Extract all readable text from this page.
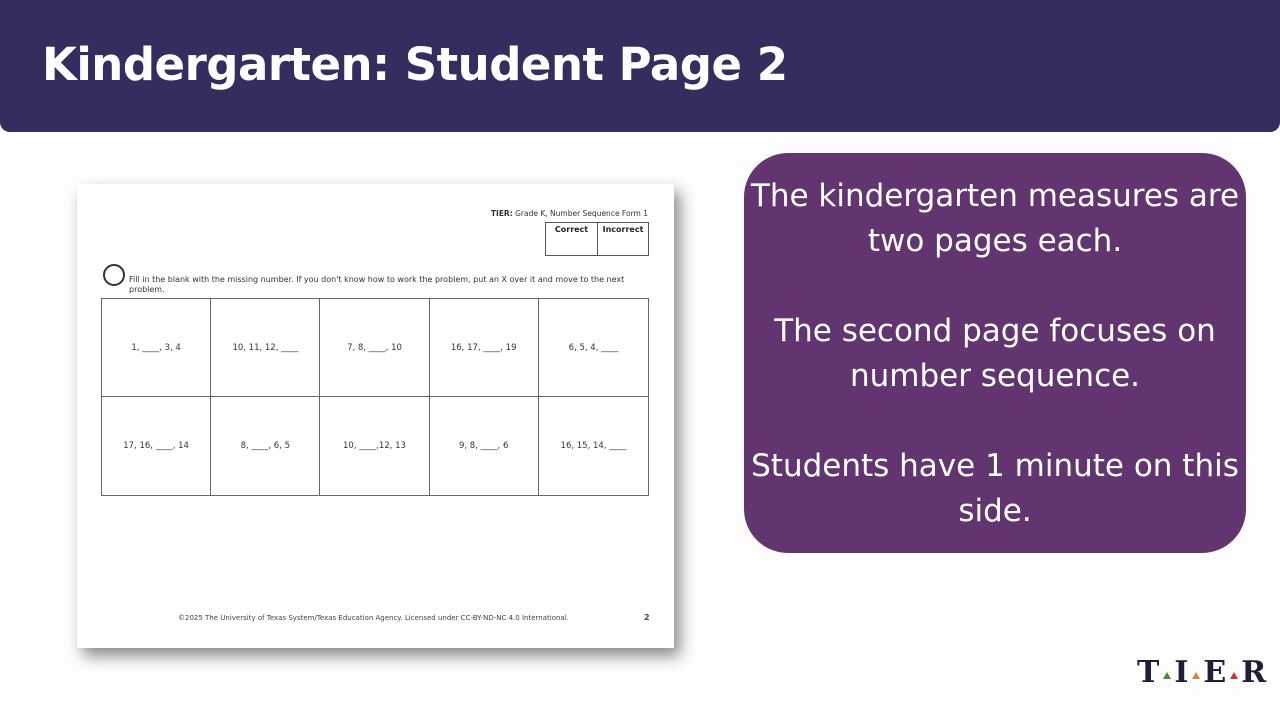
Kindergarten: Student Page 2
TIER: Grade K, Number Sequence Form 1
Correct	Incorrect
Fill in the blank with the missing number. If you don't know how to work the problem, put an X over it and move to the next problem.
1, ____, 3, 4	10, 11, 12, ____	7, 8, ____, 10	16, 17, ____, 19	6, 5, 4, ____
17, 16, ____, 14	8, ____, 6, 5	10, ____,12, 13	9, 8, ____, 6	16, 15, 14, ____
©2025 The University of Texas System/Texas Education Agency. Licensed under CC-BY-ND-NC 4.0 International.	2

The kindergarten measures are two pages each.

The second page focuses on number sequence.

Students have 1 minute on this side.

T I E R
